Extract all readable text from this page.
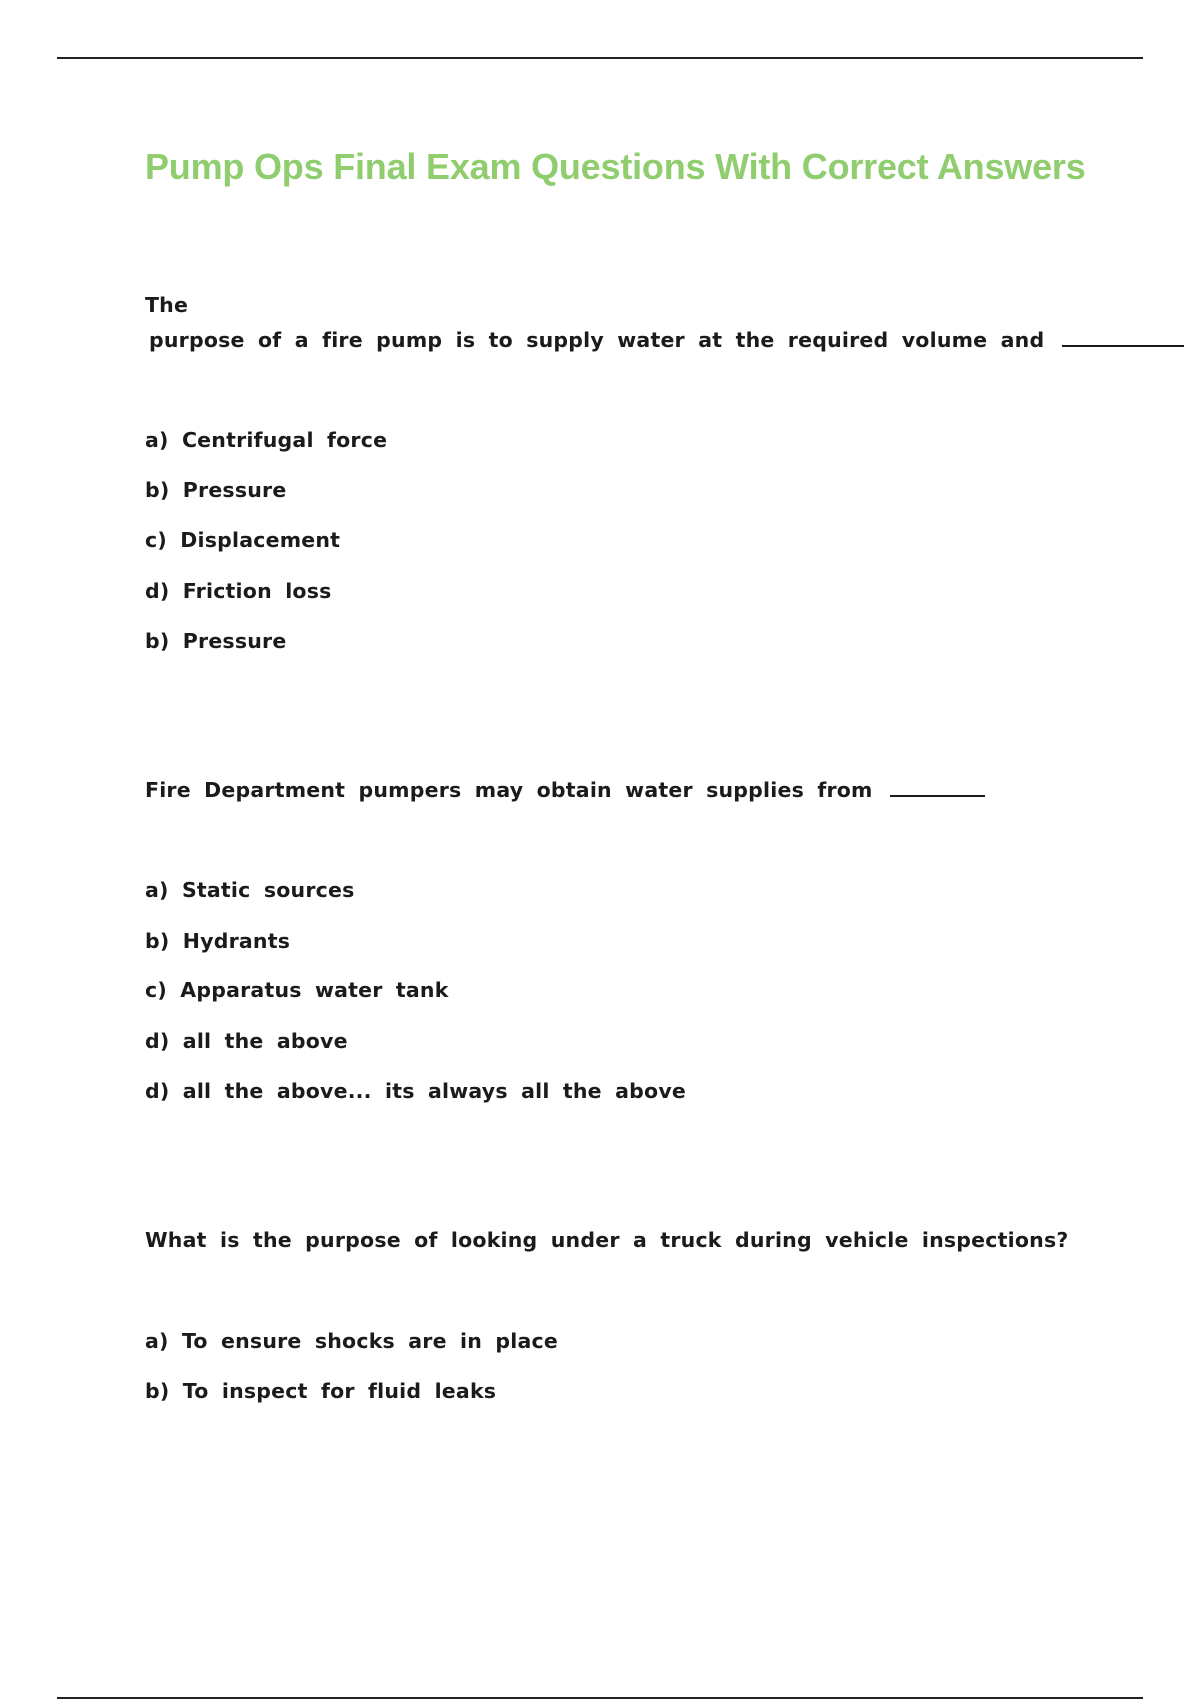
Pump Ops Final Exam Questions With Correct Answers

The

purpose of a fire pump is to supply water at the required volume and

a) Centrifugal force

b) Pressure

c) Displacement

d) Friction loss

b) Pressure

Fire Department pumpers may obtain water supplies from

a) Static sources

b) Hydrants

c) Apparatus water tank

d) all the above

d) all the above... its always all the above

What is the purpose of looking under a truck during vehicle inspections?

a) To ensure shocks are in place

b) To inspect for fluid leaks
